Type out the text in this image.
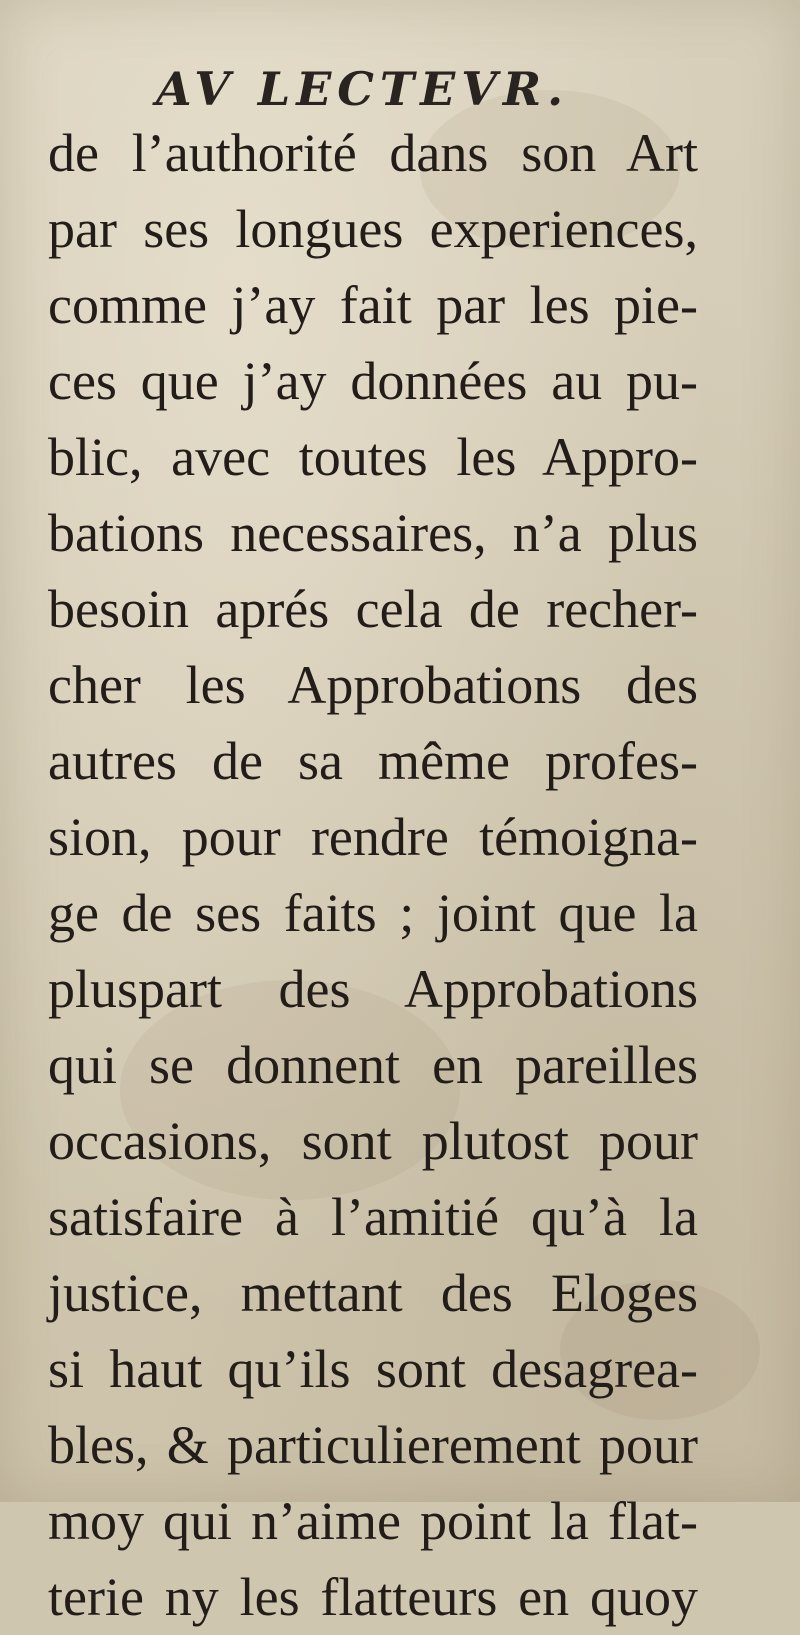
AV LECTEVR.
de l’authorité dans son Art
par ses longues experiences,
comme j’ay fait par les pie-
ces que j’ay données au pu-
blic, avec toutes les Appro-
bations necessaires, n’a plus
besoin aprés cela de recher-
cher les Approbations des
autres de sa même profes-
sion, pour rendre témoigna-
ge de ses faits ; joint que la
pluspart des Approbations
qui se donnent en pareilles
occasions, sont plutost pour
satisfaire à l’amitié qu’à la
justice, mettant des Eloges
si haut qu’ils sont desagrea-
bles, & particulierement pour
moy qui n’aime point la flat-
terie ny les flatteurs en quoy
